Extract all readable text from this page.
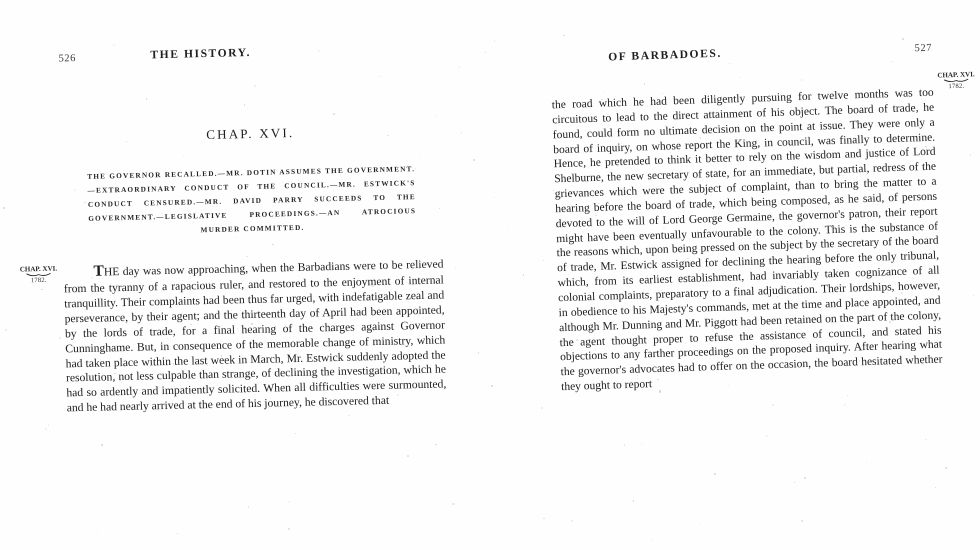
526	THE HISTORY.
CHAP. XVI.
THE GOVERNOR RECALLED.—MR. DOTIN ASSUMES THE GOVERNMENT.—EXTRAORDINARY CONDUCT OF THE COUNCIL.—MR. ESTWICK'S CONDUCT CENSURED.—MR. DAVID PARRY SUCCEEDS TO THE GOVERNMENT.—LEGISLATIVE PROCEEDINGS.—AN ATROCIOUS MURDER COMMITTED.
CHAP. XVI.
1782.

THE day was now approaching, when the Barbadians were to be relieved from the tyranny of a rapacious ruler, and restored to the enjoyment of internal tranquillity. Their complaints had been thus far urged, with indefatigable zeal and perseverance, by their agent; and the thirteenth day of April had been appointed, by the lords of trade, for a final hearing of the charges against Governor Cunninghame. But, in consequence of the memorable change of ministry, which had taken place within the last week in March, Mr. Estwick suddenly adopted the resolution, not less culpable than strange, of declining the investigation, which he had so ardently and impatiently solicited. When all difficulties were surmounted, and he had nearly arrived at the end of his journey, he discovered that

OF BARBADOES.	527
CHAP. XVI.
1782.

the road which he had been diligently pursuing for twelve months was too circuitous to lead to the direct attainment of his object. The board of trade, he found, could form no ultimate decision on the point at issue. They were only a board of inquiry, on whose report the King, in council, was finally to determine. Hence, he pretended to think it better to rely on the wisdom and justice of Lord Shelburne, the new secretary of state, for an immediate, but partial, redress of the grievances which were the subject of complaint, than to bring the matter to a hearing before the board of trade, which being composed, as he said, of persons devoted to the will of Lord George Germaine, the governor's patron, their report might have been eventually unfavourable to the colony. This is the substance of the reasons which, upon being pressed on the subject by the secretary of the board of trade, Mr. Estwick assigned for declining the hearing before the only tribunal, which, from its earliest establishment, had invariably taken cognizance of all colonial complaints, preparatory to a final adjudication. Their lordships, however, in obedience to his Majesty's commands, met at the time and place appointed, and although Mr. Dunning and Mr. Piggott had been retained on the part of the colony, the agent thought proper to refuse the assistance of council, and stated his objections to any farther proceedings on the proposed inquiry. After hearing what the governor's advocates had to offer on the occasion, the board hesitated whether they ought to report
